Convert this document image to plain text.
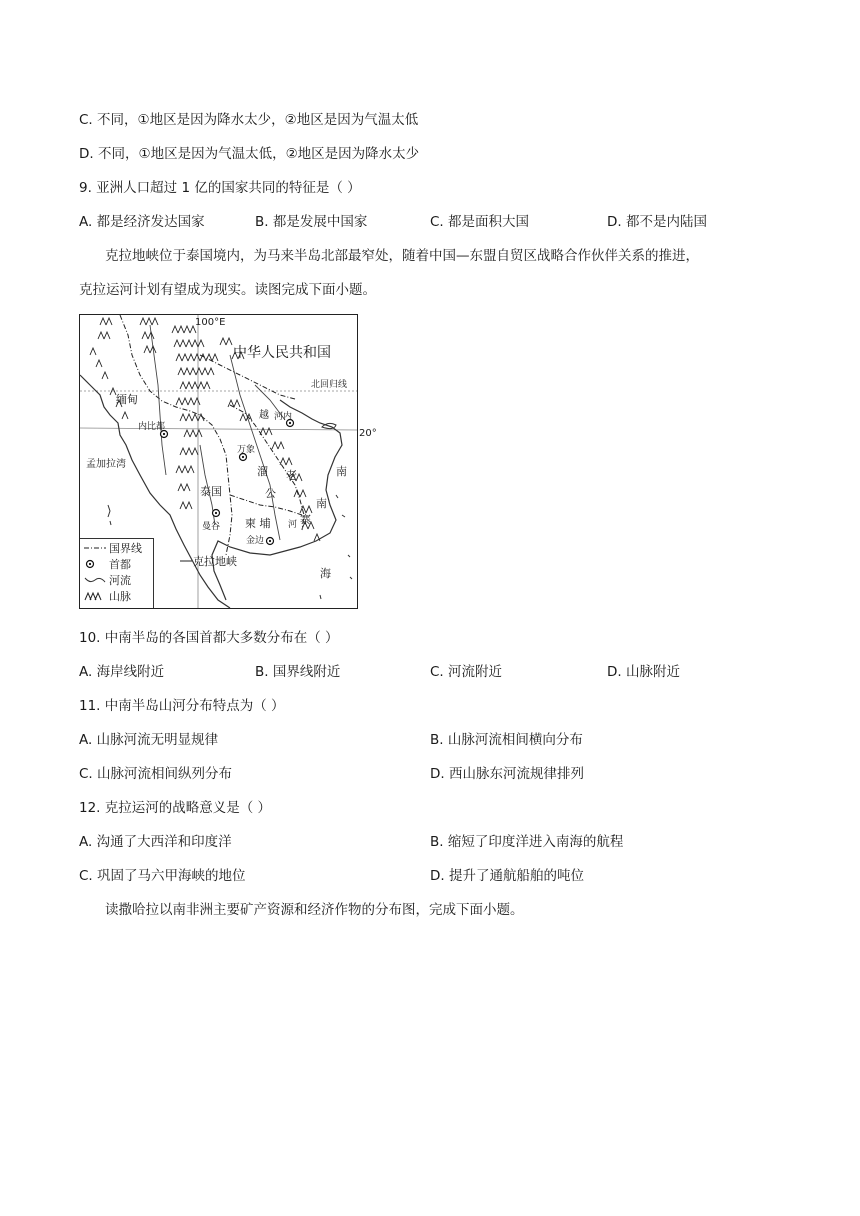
C. 不同，①地区是因为降水太少，②地区是因为气温太低
D. 不同，①地区是因为气温太低，②地区是因为降水太少
9. 亚洲人口超过 1 亿的国家共同的特征是（ ）
A. 都是经济发达国家	B. 都是发展中国家	C. 都是面积大国	D. 都不是内陆国
克拉地峡位于泰国境内，为马来半岛北部最窄处，随着中国—东盟自贸区战略合作伙伴关系的推进，
克拉运河计划有望成为现实。读图完成下面小题。
100°E
中华人民共和国
北回归线
20°
缅甸
内比都
孟加拉湾
越 河内
万象
溜 老
泰国	公
南
南
曼谷 柬 埔	寨
河
金边
克拉地峡
海
国界线
首都
河流
山脉
10. 中南半岛的各国首都大多数分布在（ ）
A. 海岸线附近	B. 国界线附近	C. 河流附近	D. 山脉附近
11. 中南半岛山河分布特点为（ ）
A. 山脉河流无明显规律	B. 山脉河流相间横向分布
C. 山脉河流相间纵列分布	D. 西山脉东河流规律排列
12. 克拉运河的战略意义是（ ）
A. 沟通了大西洋和印度洋	B. 缩短了印度洋进入南海的航程
C. 巩固了马六甲海峡的地位	D. 提升了通航船舶的吨位
读撒哈拉以南非洲主要矿产资源和经济作物的分布图，完成下面小题。
